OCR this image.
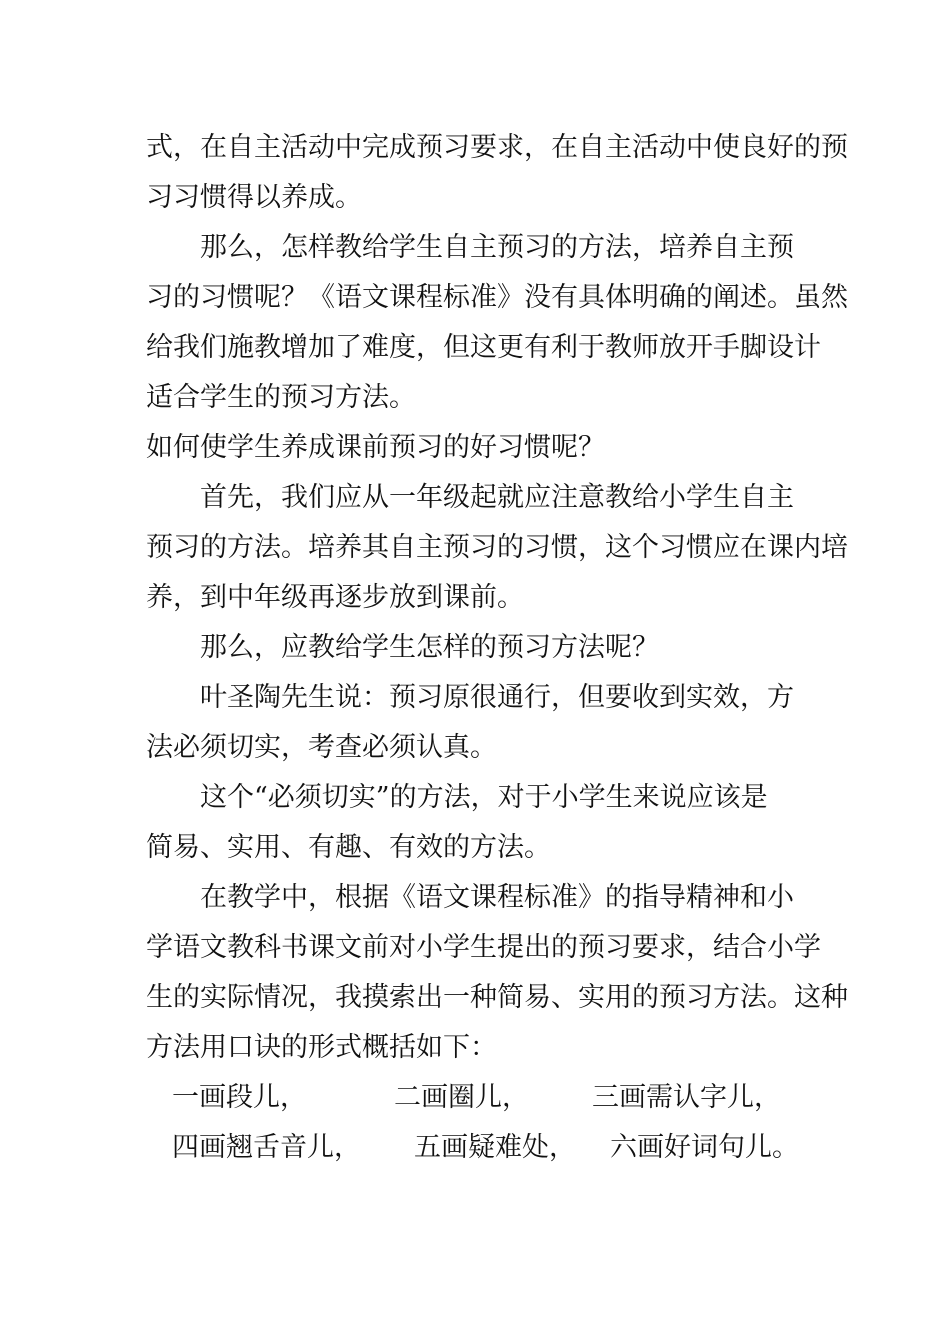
式，在自主活动中完成预习要求，在自主活动中使良好的预
习习惯得以养成。
　　那么，怎样教给学生自主预习的方法，培养自主预
习的习惯呢？《语文课程标准》没有具体明确的阐述。虽然
给我们施教增加了难度，但这更有利于教师放开手脚设计
适合学生的预习方法。
如何使学生养成课前预习的好习惯呢？
　　首先，我们应从一年级起就应注意教给小学生自主
预习的方法。培养其自主预习的习惯，这个习惯应在课内培
养，到中年级再逐步放到课前。
　　那么，应教给学生怎样的预习方法呢？
　　叶圣陶先生说：预习原很通行，但要收到实效，方
法必须切实，考查必须认真。
　　这个“必须切实”的方法，对于小学生来说应该是
简易、实用、有趣、有效的方法。
　　在教学中，根据《语文课程标准》的指导精神和小
学语文教科书课文前对小学生提出的预习要求，结合小学
生的实际情况，我摸索出一种简易、实用的预习方法。这种
方法用口诀的形式概括如下：
一画段儿，	二画圈儿， 三画需认字儿，
四画翘舌音儿， 五画疑难处， 六画好词句儿。
